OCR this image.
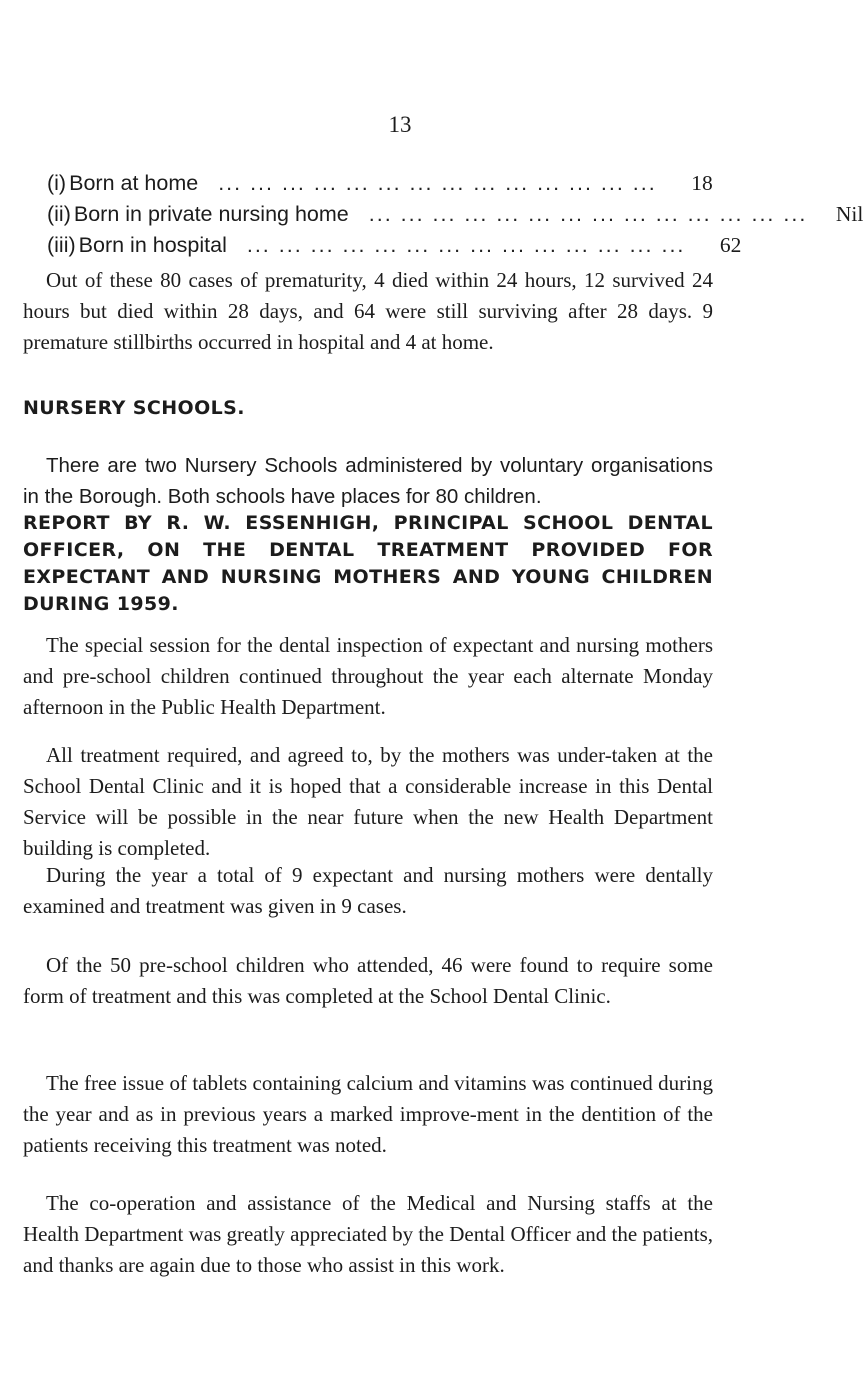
13
(i) Born at home ... ... ... ... ... ... ... ... ... ... ... ... ... ...	18
(ii) Born in private nursing home ... ... ... ... ... ... ... ... ... ... ... ... ... ...	Nil
(iii) Born in hospital ... ... ... ... ... ... ... ... ... ... ... ... ... ...	62

Out of these 80 cases of prematurity, 4 died within 24 hours, 12 survived 24 hours but died within 28 days, and 64 were still surviving after 28 days. 9 premature stillbirths occurred in hospital and 4 at home.

NURSERY SCHOOLS.

There are two Nursery Schools administered by voluntary organisations in the Borough. Both schools have places for 80 children.

REPORT BY R. W. ESSENHIGH, PRINCIPAL SCHOOL DENTAL OFFICER, ON THE DENTAL TREATMENT PROVIDED FOR EXPECTANT AND NURSING MOTHERS AND YOUNG CHILDREN DURING 1959.

The special session for the dental inspection of expectant and nursing mothers and pre-school children continued throughout the year each alternate Monday afternoon in the Public Health Department.

All treatment required, and agreed to, by the mothers was under-taken at the School Dental Clinic and it is hoped that a considerable increase in this Dental Service will be possible in the near future when the new Health Department building is completed.

During the year a total of 9 expectant and nursing mothers were dentally examined and treatment was given in 9 cases.

Of the 50 pre-school children who attended, 46 were found to require some form of treatment and this was completed at the School Dental Clinic.

The free issue of tablets containing calcium and vitamins was continued during the year and as in previous years a marked improve-ment in the dentition of the patients receiving this treatment was noted.

The co-operation and assistance of the Medical and Nursing staffs at the Health Department was greatly appreciated by the Dental Officer and the patients, and thanks are again due to those who assist in this work.
